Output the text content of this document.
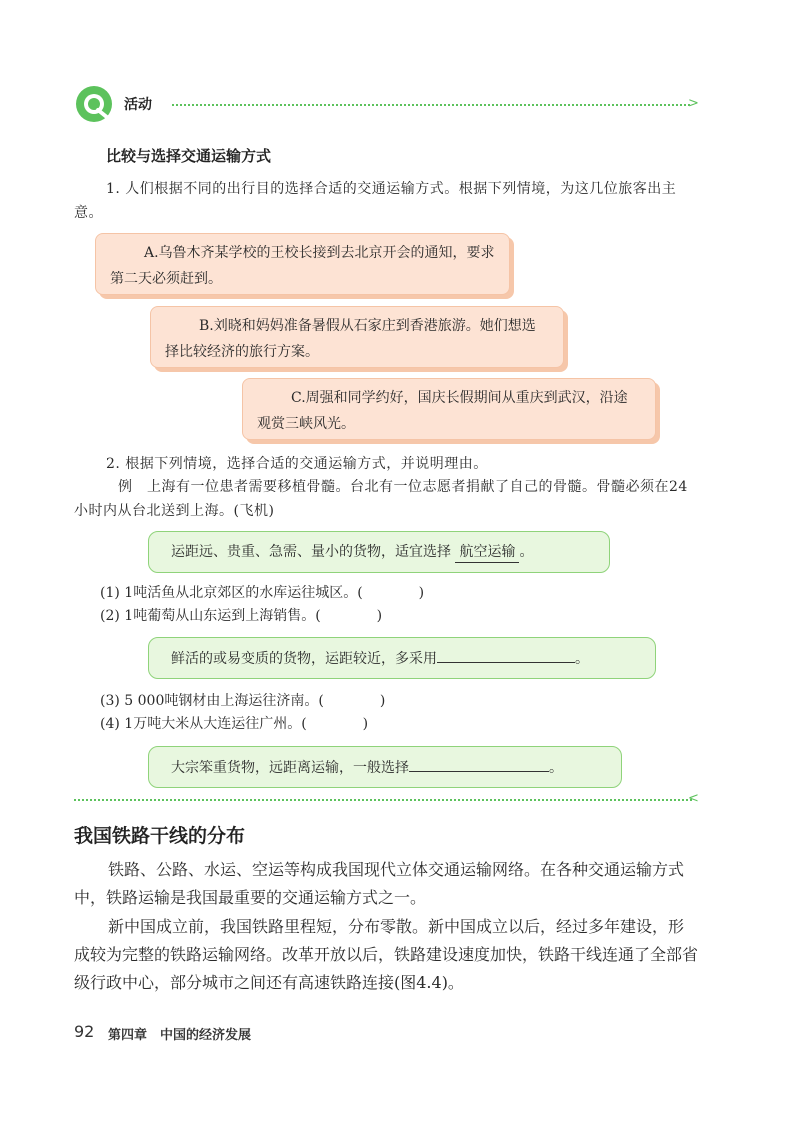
活动	>
比较与选择交通运输方式
1. 人们根据不同的出行目的选择合适的交通运输方式。根据下列情境，为这几位旅客出主意。
A.乌鲁木齐某学校的王校长接到去北京开会的通知，要求第二天必须赶到。
B.刘晓和妈妈准备暑假从石家庄到香港旅游。她们想选择比较经济的旅行方案。
C.周强和同学约好，国庆长假期间从重庆到武汉，沿途观赏三峡风光。
2. 根据下列情境，选择合适的交通运输方式，并说明理由。
例　上海有一位患者需要移植骨髓。台北有一位志愿者捐献了自己的骨髓。骨髓必须在24小时内从台北送到上海。(飞机)
运距远、贵重、急需、量小的货物，适宜选择 航空运输 。
(1) 1吨活鱼从北京郊区的水库运往城区。(　　　　)
(2) 1吨葡萄从山东运到上海销售。(　　　　)
鲜活的或易变质的货物，运距较近，多采用	。
(3) 5 000吨钢材由上海运往济南。(　　　　)
(4) 1万吨大米从大连运往广州。(　　　　)
大宗笨重货物，远距离运输，一般选择	。
<
我国铁路干线的分布
铁路、公路、水运、空运等构成我国现代立体交通运输网络。在各种交通运输方式中，铁路运输是我国最重要的交通运输方式之一。
新中国成立前，我国铁路里程短，分布零散。新中国成立以后，经过多年建设，形成较为完整的铁路运输网络。改革开放以后，铁路建设速度加快，铁路干线连通了全部省级行政中心，部分城市之间还有高速铁路连接(图4.4)。
92 第四章　中国的经济发展
